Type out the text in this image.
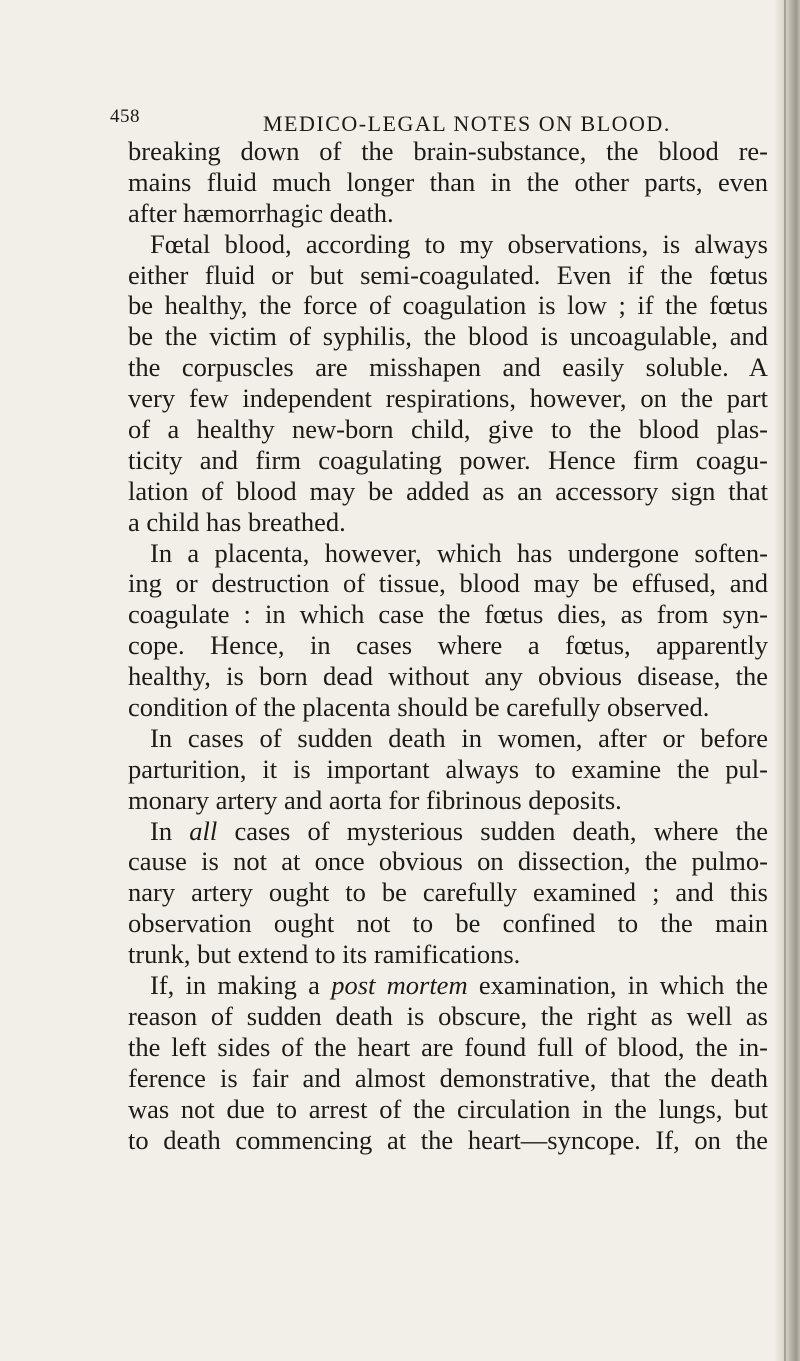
458	MEDICO-LEGAL NOTES ON BLOOD.
breaking down of the brain-substance, the blood re-
mains fluid much longer than in the other parts, even
after hæmorrhagic death.
Fœtal blood, according to my observations, is always
either fluid or but semi-coagulated. Even if the fœtus
be healthy, the force of coagulation is low ; if the fœtus
be the victim of syphilis, the blood is uncoagulable, and
the corpuscles are misshapen and easily soluble. A
very few independent respirations, however, on the part
of a healthy new-born child, give to the blood plas-
ticity and firm coagulating power. Hence firm coagu-
lation of blood may be added as an accessory sign that
a child has breathed.
In a placenta, however, which has undergone soften-
ing or destruction of tissue, blood may be effused, and
coagulate : in which case the fœtus dies, as from syn-
cope. Hence, in cases where a fœtus, apparently
healthy, is born dead without any obvious disease, the
condition of the placenta should be carefully observed.
In cases of sudden death in women, after or before
parturition, it is important always to examine the pul-
monary artery and aorta for fibrinous deposits.
In all cases of mysterious sudden death, where the
cause is not at once obvious on dissection, the pulmo-
nary artery ought to be carefully examined ; and this
observation ought not to be confined to the main
trunk, but extend to its ramifications.
If, in making a post mortem examination, in which the
reason of sudden death is obscure, the right as well as
the left sides of the heart are found full of blood, the in-
ference is fair and almost demonstrative, that the death
was not due to arrest of the circulation in the lungs, but
to death commencing at the heart—syncope. If, on the
